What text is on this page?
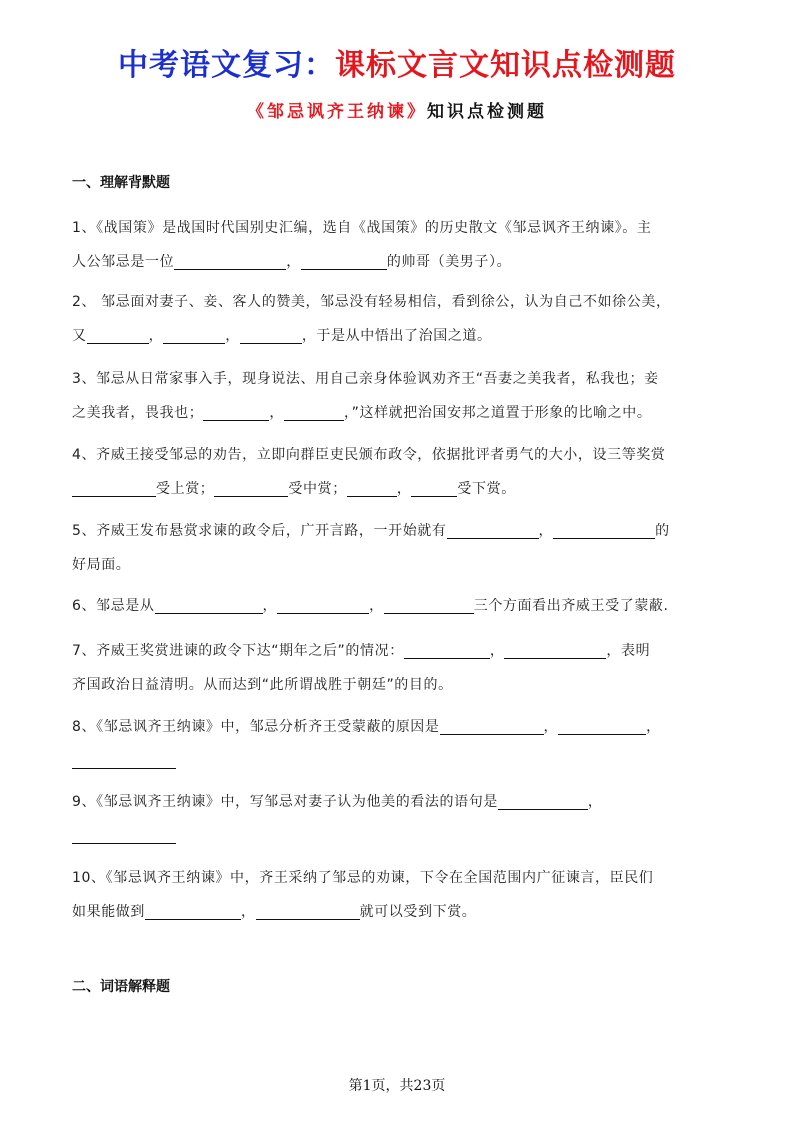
中考语文复习：课标文言文知识点检测题
《邹忌讽齐王纳谏》知识点检测题
一、理解背默题
1、《战国策》是战国时代国别史汇编，选自《战国策》的历史散文《邹忌讽齐王纳谏》。主
人公邹忌是一位	，	的帅哥（美男子）。
2、 邹忌面对妻子、妾、客人的赞美，邹忌没有轻易相信，看到徐公，认为自己不如徐公美，
又	，	，	，于是从中悟出了治国之道。
3、邹忌从日常家事入手，现身说法、用自己亲身体验讽劝齐王“吾妻之美我者，私我也；妾
之美我者，畏我也；	，	，”这样就把治国安邦之道置于形象的比喻之中。
4、齐威王接受邹忌的劝告，立即向群臣吏民颁布政令，依据批评者勇气的大小，设三等奖赏
受上赏；	受中赏；	，	受下赏。
5、齐威王发布悬赏求谏的政令后，广开言路，一开始就有	，	的
好局面。
6、邹忌是从	，	，	三个方面看出齐威王受了蒙蔽.
7、齐威王奖赏进谏的政令下达“期年之后”的情况：	，	，表明
齐国政治日益清明。从而达到“此所谓战胜于朝廷”的目的。
8、《邹忌讽齐王纳谏》中，邹忌分析齐王受蒙蔽的原因是	，	，
9、《邹忌讽齐王纳谏》中，写邹忌对妻子认为他美的看法的语句是	，
10、《邹忌讽齐王纳谏》中，齐王采纳了邹忌的劝谏，下令在全国范围内广征谏言，臣民们
如果能做到	，	就可以受到下赏。
二、词语解释题
第1页，共23页
